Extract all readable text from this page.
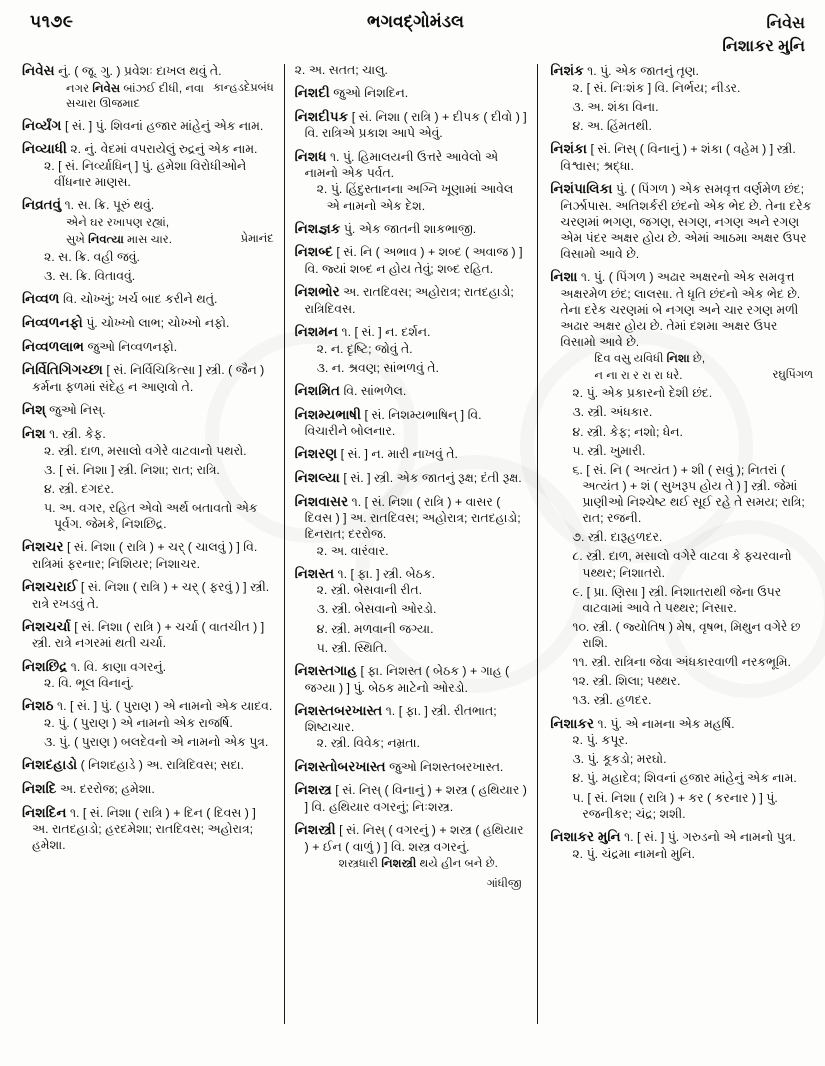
૫૧૭૯	ભગવદ્ગોમંડલ	નિવેસ
નિશાકર મુનિ
નિવેસ નું. ( જૂ. ગુ. ) પ્રવેશઃ દાખલ થવું તે.
કાન્હડદેપ્રબંધ
નગર નિવેસ બાંઝઈ દીધી, નવા સચારા ઊજમાદ
નિર્વ્યંગ [ સં. ] પું. શિવનાં હજાર માંહેનું એક નામ.
નિવ્યાધી ૨. નું. વેદમાં વપરાયેલું રુદ્રનું એક નામ.
૨. [ સં. નિર્વ્યાધિન્ ] પું. હમેશા વિરોધીઓને વીંધનાર માણસ.
નિવ્રતવું ૧. સ. ક્રિ. પૂરું થવું.
એને ઘર રખાપણ રહ્યાં,
પ્રેમાનંદ
સુખે નિવત્યા માસ ચાર.
૨. સ. ક્રિ. વહી જવું.
૩. સ. ક્રિ. વિતાવવું.
નિવ્વળ વિ. ચોખ્ખું; ખર્ચ બાદ કરીને થતું.
નિવ્વળનફો પું. ચોખ્ખો લાભ; ચોખ્ખો નફો.
નિવ્વળલાભ જુઓ નિવ્વળનફો.
નિર્વિતિગિગચ્છા [ સં. નિર્વિચિકિત્સા ] સ્ત્રી. ( જૈન ) કર્મના ફળમાં સંદેહ ન આણવો તે.
નિશ્ જુઓ નિસ્.
નિશ ૧. સ્ત્રી. કેફ.
૨. સ્ત્રી. દાળ, મસાલો વગેરે વાટવાનો પથરો.
૩. [ સં. નિશા ] સ્ત્રી. નિશા; રાત; રાત્રિ.
૪. સ્ત્રી. દગદર.
૫. અ. વગર, રહિત એવો અર્થ બતાવતો એક પૂર્વગ. જેમકે, નિશછિદ્ર.
નિશચર [ સં. નિશા ( રાત્રિ ) + ચર્ ( ચાલવું ) ] વિ. રાત્રિમાં ફરનાર; નિશિયર; નિશાચર.
નિશચરાઈ [ સં. નિશા ( રાત્રિ ) + ચર્ ( ફરવું ) ] સ્ત્રી. રાત્રે રખડવું તે.
નિશચર્ચા [ સં. નિશા ( રાત્રિ ) + ચર્ચા ( વાતચીત ) ] સ્ત્રી. રાત્રે નગરમાં થતી ચર્ચા.
નિશછિદ્ર ૧. વિ. કાણા વગરનું.
૨. વિ. ભૂલ વિનાનું.
નિશઠ ૧. [ સં. ] પું. ( પુરાણ ) એ નામનો એક યાદવ.
૨. પું. ( પુરાણ ) એ નામનો એક રાજર્ષિ.
૩. પું. ( પુરાણ ) બલદેવનો એ નામનો એક પુત્ર.
નિશદહાડો ( નિશદહાડે ) અ. રાત્રિદિવસ; સદા.
નિશદિ અ. દરરોજ; હમેશા.
નિશદિન ૧. [ સં. નિશા ( રાત્રિ ) + દિન ( દિવસ ) ] અ. રાતદહાડો; હરદમેશા; રાતદિવસ; અહોરાત્ર; હમેશા.
૨. અ. સતત; ચાલુ.
નિશદી જુઓ નિશદિન.
નિશદીપક [ સં. નિશા ( રાત્રિ ) + દીપક ( દીવો ) ] વિ. રાત્રિએ પ્રકાશ આપે એવું.
નિશધ ૧. પું. હિમાલયની ઉત્તરે આવેલો એ નામનો એક પર્વત.
૨. પું. હિંદુસ્તાનના અગ્નિ ખૂણામાં આવેલ એ નામનો એક દેશ.
નિશજ્ઞક પું. એક જાતની શાકભાજી.
નિશબ્દ [ સં. નિ ( અભાવ ) + શબ્દ ( અવાજ ) ] વિ. જ્યાં શબ્દ ન હોય તેવું; શબ્દ રહિત.
નિશભોર અ. રાતદિવસ; અહોરાત્ર; રાતદહાડો; રાત્રિદિવસ.
નિશમન ૧. [ સં. ] ન. દર્શન.
૨. ન. દૃષ્ટિ; જોવું તે.
૩. ન. શ્રવણ; સાંભળવું તે.
નિશમિત વિ. સાંભળેલ.
નિશમ્યભાષી [ સં. નિશમ્યભાષિન્ ] વિ. વિચારીને બોલનાર.
નિશરણ [ સં. ] ન. મારી નાખવું તે.
નિશલ્યા [ સં. ] સ્ત્રી. એક જાતનું રૂક્ષ; દંતી રૂક્ષ.
નિશવાસર ૧. [ સં. નિશા ( રાત્રિ ) + વાસર ( દિવસ ) ] અ. રાતદિવસ; અહોરાત્ર; રાતદહાડો; દિનરાત; દરરોજ.
૨. અ. વારંવાર.
નિશસ્ત ૧. [ ફા. ] સ્ત્રી. બેઠક.
૨. સ્ત્રી. બેસવાની રીત.
૩. સ્ત્રી. બેસવાનો ઓરડો.
૪. સ્ત્રી. મળવાની જગ્યા.
૫. સ્ત્રી. સ્થિતિ.
નિશસ્તગાહ [ ફા. નિશસ્ત ( બેઠક ) + ગાહ ( જગ્યા ) ] પું. બેઠક માટેનો ઓરડો.
નિશસ્તબરખાસ્ત ૧. [ ફા. ] સ્ત્રી. રીતભાત; શિષ્ટાચાર.
૨. સ્ત્રી. વિવેક; નમ્રતા.
નિશસ્તોબરખાસ્ત જુઓ નિશસ્તબરખાસ્ત.
નિશસ્ત્ર [ સં. નિસ્ ( વિનાનું ) + શસ્ત્ર ( હથિયાર ) ] વિ. હથિયાર વગરનું; નિઃશસ્ત્ર.
નિશસ્ત્રી [ સં. નિસ્ ( વગરનું ) + શસ્ત્ર ( હથિયાર ) + ઈન ( વાળું ) ] વિ. શસ્ત્ર વગરનું.
શસ્ત્રધારી નિશસ્ત્રી થયે હીન બને છે.
ગાંધીજી
નિશંક ૧. પું. એક જાતનું તૃણ.
૨. [ સં. નિઃશંક ] વિ. નિર્ભય; નીડર.
૩. અ. શંકા વિના.
૪. અ. હિંમતથી.
નિશંકા [ સં. નિસ્ ( વિનાનું ) + શંકા ( વહેમ ) ] સ્ત્રી. વિશ્વાસ; શ્રદ્ધા.
નિશંપાલિકા પું. ( પિંગળ ) એક સમવૃત્ત વર્ણમેળ છંદ; નિર્ઝાપાસ. અતિશર્કરી છંદનો એક ભેદ છે. તેના દરેક ચરણમાં ભગણ, જગણ, સગણ, નગણ અને રગણ એમ પંદર અક્ષર હોય છે. એમાં આઠમા અક્ષર ઉપર વિસામો આવે છે.
નિશા ૧. પું. ( પિંગળ ) અઢાર અક્ષરનો એક સમવૃત્ત અક્ષરમેળ છંદ; લાલસા. તે ધૃતિ છંદનો એક ભેદ છે. તેના દરેક ચરણમાં બે નગણ અને ચાર રગણ મળી અઢાર અક્ષર હોય છે. તેમાં દશમા અક્ષર ઉપર વિસામો આવે છે.
દિવ વસુ યવિધી નિશા છે,
રઘુપિંગળ
ન ના રા ર રા રા ધરે.
૨. પું. એક પ્રકારનો દેશી છંદ.
૩. સ્ત્રી. અંધકાર.
૪. સ્ત્રી. કેફ; નશો; ધેન.
૫. સ્ત્રી. ખુમારી.
૬. [ સં. નિ ( અત્યંત ) + શી ( સવું ); નિતરાં ( અત્યંત ) + શં ( સુખરૂપ હોય તે ) ] સ્ત્રી. જેમાં પ્રાણીઓ નિશ્ચેષ્ટ થઈ સૂઈ રહે તે સમય; રાત્રિ; રાત; રજની.
૭. સ્ત્રી. દારૂહળદર.
૮. સ્ત્રી. દાળ, મસાલો વગેરે વાટવા કે ફ્ચરવાનો પથ્થર; નિશાતરો.
૯. [ પ્રા. ણિસા ] સ્ત્રી. નિશાતરાથી જેના ઉપર વાટવામાં આવે તે પથ્થર; નિસાર.
૧૦. સ્ત્રી. ( જ્યોતિષ ) મેષ, વૃષભ, મિથુન વગેરે છ રાશિ.
૧૧. સ્ત્રી. રાત્રિના જેવા અંધકારવાળી નરકભૂમિ.
૧૨. સ્ત્રી. શિલા; પથ્થર.
૧૩. સ્ત્રી. હળદર.
નિશાકર ૧. પું. એ નામના એક મહર્ષિ.
૨. પું. કપૂર.
૩. પું. કૂકડો; મરઘો.
૪. પું. મહાદેવ; શિવનાં હજાર માંહેનું એક નામ.
૫. [ સં. નિશા ( રાત્રિ ) + કર ( કરનાર ) ] પું. રજનીકર; ચંદ્ર; શશી.
નિશાકર મુનિ ૧. [ સં. ] પું. ગરુડનો એ નામનો પુત્ર.
૨. પું. ચંદ્રમા નામનો મુનિ.
